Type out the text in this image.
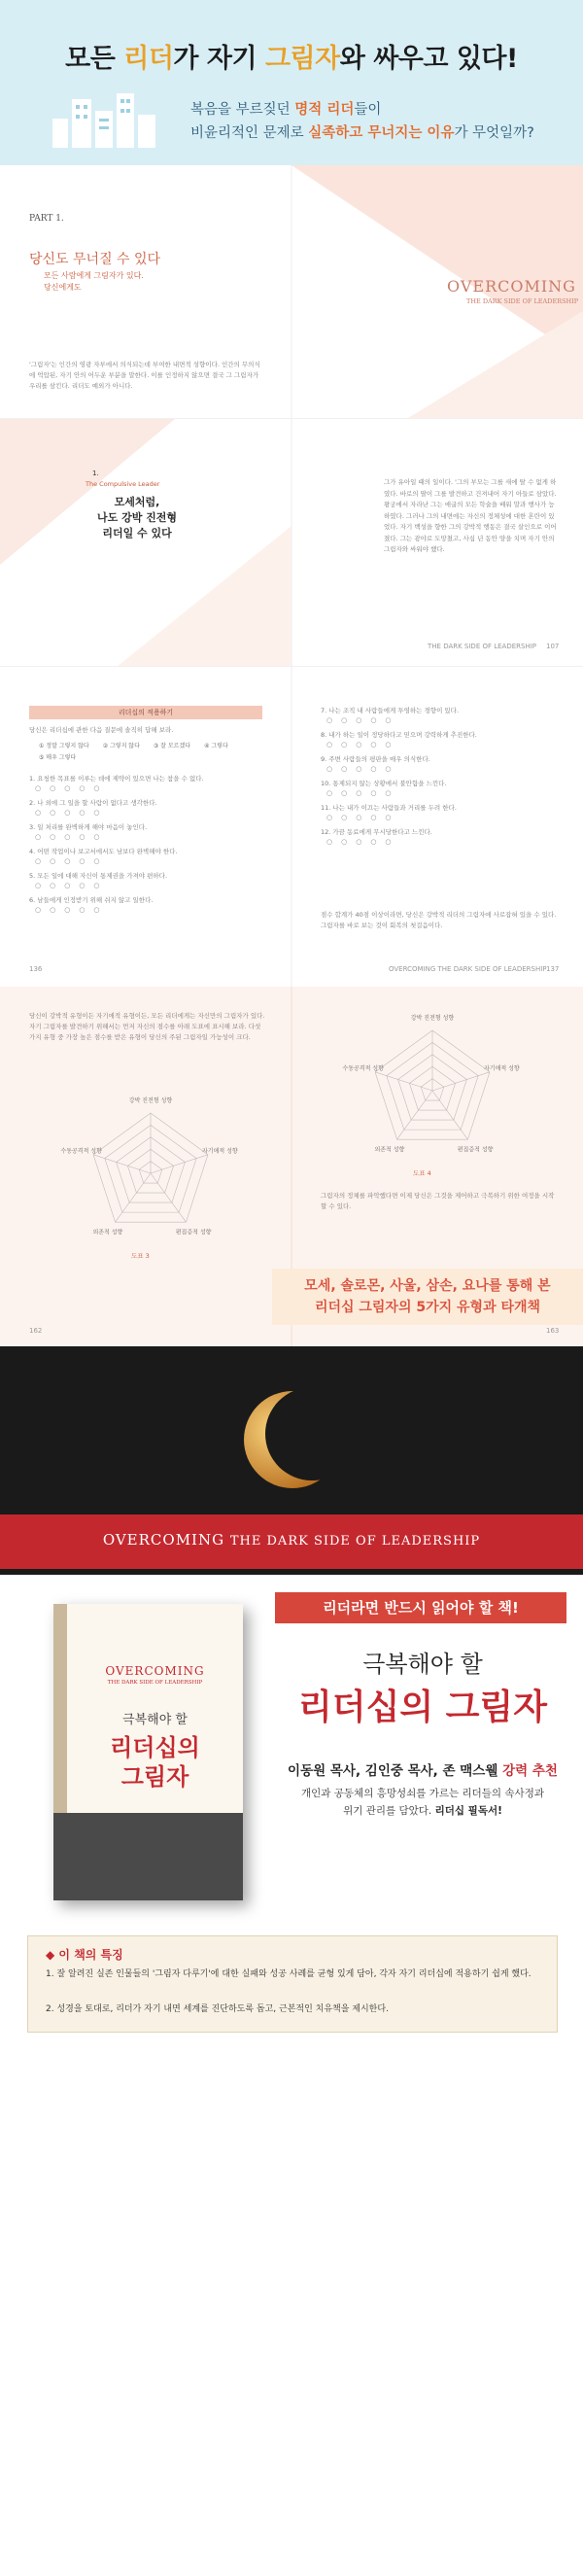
모든 리더가 자기 그림자와 싸우고 있다!
복음을 부르짖던 명적 리더들이
비윤리적인 문제로 실족하고 무너지는 이유가 무엇일까?
PART 1.
당신도 무너질 수 있다
모든 사람에게 그림자가 있다.
당신에게도
'그림자'는 인간의 영광 자부에서 의식되는데 부여한 내면적 성향이다. 인간의 무의식에 억압된, 자기 안의 어두운 부분을 말한다. 이를 인정하지 않으면 결국 그 그림자가 우리를 삼킨다. 리더도 예외가 아니다.
OVERCOMING
THE DARK SIDE OF LEADERSHIP
1.
The Compulsive Leader
모세처럼,
나도 강박 진전형
리더일 수 있다
그가 유아일 때의 일이다. '그의 부모는 그를 새에 탈 수 없게 하였다. 바로의 딸이 그를 발견하고 건져내어 자기 아들로 삼았다. 왕궁에서 자라난 그는 애굽의 모든 학술을 배워 말과 행사가 능하였다. 그러나 그의 내면에는 자신의 정체성에 대한 혼란이 있었다. 자기 백성을 향한 그의 강박적 행동은 결국 살인으로 이어졌다. 그는 광야로 도망쳤고, 사십 년 동안 양을 치며 자기 안의 그림자와 싸워야 했다.
THE DARK SIDE OF LEADERSHIP 107
리더십의 적용하기
당신은 리더십에 관한 다음 질문에 솔직히 답해 보라.
① 정말 그렇지 않다 ② 그렇지 않다 ③ 잘 모르겠다 ④ 그렇다
⑤ 매우 그렇다
1. 요청한 목표를 이루는 데에 제약이 있으면 나는 참을 수 없다.
○○○○○
2. 나 외에 그 일을 할 사람이 없다고 생각한다.
○○○○○
3. 일 처리를 완벽하게 해야 마음이 놓인다.
○○○○○
4. 어떤 작업이나 보고서에서도 남보다 완벽해야 한다.
○○○○○
5. 모든 일에 대해 자신이 통제권을 가져야 편하다.
○○○○○
6. 남들에게 인정받기 위해 쉬지 않고 일한다.
○○○○○
7. 나는 조직 내 사람들에게 투영하는 경향이 있다.
○○○○○
8. 내가 하는 일이 정당하다고 믿으며 강력하게 추진한다.
○○○○○
9. 주변 사람들의 평판을 매우 의식한다.
○○○○○
10. 통제되지 않는 상황에서 불안함을 느낀다.
○○○○○
11. 나는 내가 이끄는 사람들과 거리를 두려 한다.
○○○○○
12. 가끔 동료에게 무시당한다고 느낀다.
○○○○○
점수 합계가 40점 이상이라면, 당신은 강박적 리더의 그림자에 사로잡혀 있을 수 있다. 그림자를 바로 보는 것이 회복의 첫걸음이다.
136	OVERCOMING THE DARK SIDE OF LEADERSHIP 137
당신이 강박적 유형이든 자기애적 유형이든, 모든 리더에게는 자신만의 그림자가 있다. 자기 그림자를 발견하기 위해서는 먼저 자신의 점수를 아래 도표에 표시해 보라. 다섯 가지 유형 중 가장 높은 점수를 받은 유형이 당신의 주된 그림자일 가능성이 크다.
강박 진전형 성향
자기애적 성향
편집증적 성향
의존적 성향
수동공격적 성향
도표 3
강박 진전형 성향
자기애적 성향
편집증적 성향
의존적 성향
수동공격적 성향
도표 4
그림자의 정체를 파악했다면 이제 당신은 그것을 제어하고 극복하기 위한 여정을 시작할 수 있다.
모세, 솔로몬, 사울, 삼손, 요나를 통해 본
리더십 그림자의 5가지 유형과 타개책
162	163
OVERCOMING THE DARK SIDE OF LEADERSHIP
리더라면 반드시 읽어야 할 책!
OVERCOMING
THE DARK SIDE OF LEADERSHIP
극복해야 할
리더십의
그림자
극복해야 할
리더십의 그림자
이동원 목사, 김인중 목사, 존 맥스웰 강력 추천
개인과 공동체의 흥망성쇠를 가르는 리더들의 속사정과
위기 관리를 담았다. 리더십 필독서!
◆ 이 책의 특징
1. 잘 알려진 실존 인물들의 '그림자 다루기'에 대한 실패와 성공 사례를 균형 있게 담아, 각자 자기 리더십에 적용하기 쉽게 했다.
2. 성경을 토대로, 리더가 자기 내면 세계를 진단하도록 돕고, 근본적인 치유책을 제시한다.
